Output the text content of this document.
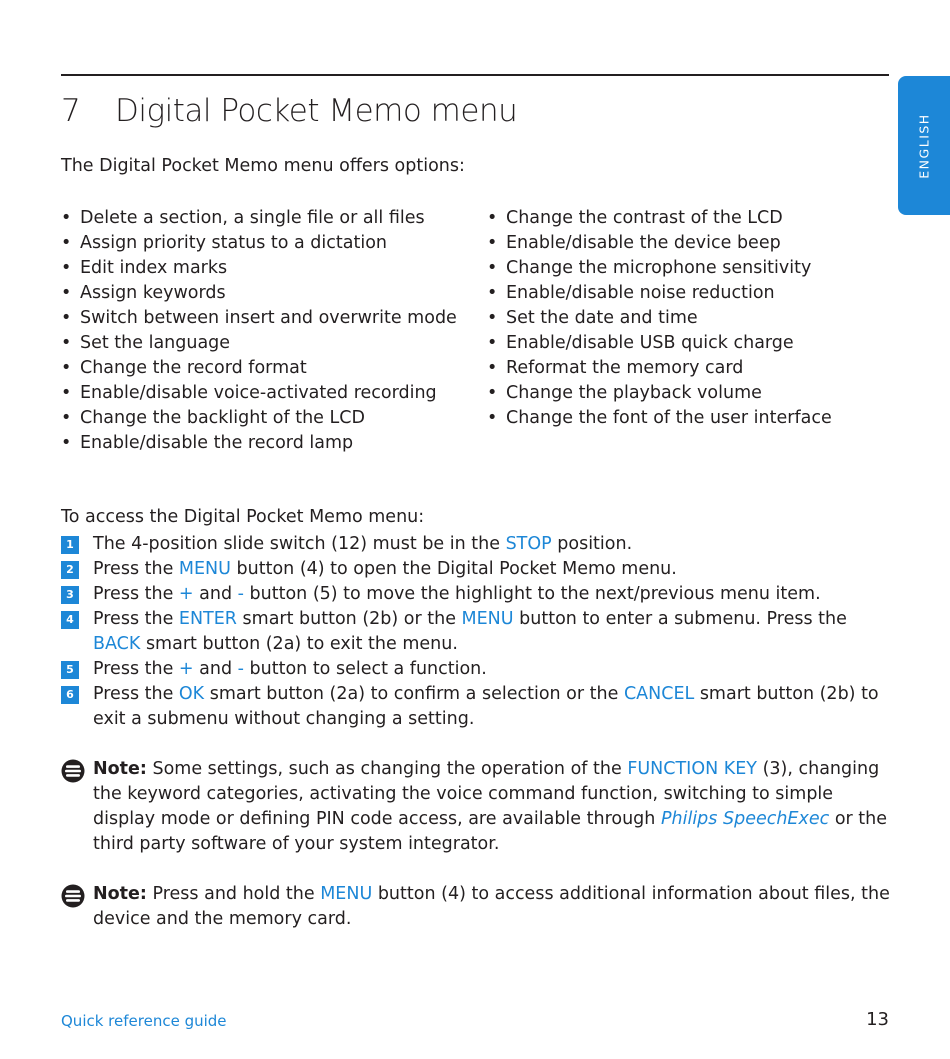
7 Digital Pocket Memo menu
ENGLISH
The Digital Pocket Memo menu offers options:
• Delete a section, a single file or all files
• Assign priority status to a dictation
• Edit index marks
• Assign keywords
• Switch between insert and overwrite mode
• Set the language
• Change the record format
• Enable/disable voice-activated recording
• Change the backlight of the LCD
• Enable/disable the record lamp
• Change the contrast of the LCD
• Enable/disable the device beep
• Change the microphone sensitivity
• Enable/disable noise reduction
• Set the date and time
• Enable/disable USB quick charge
• Reformat the memory card
• Change the playback volume
• Change the font of the user interface
To access the Digital Pocket Memo menu:
1 The 4-position slide switch (12) must be in the STOP position.
2 Press the MENU button (4) to open the Digital Pocket Memo menu.
3 Press the + and - button (5) to move the highlight to the next/previous menu item.
4 Press the ENTER smart button (2b) or the MENU button to enter a submenu. Press the BACK smart button (2a) to exit the menu.
5 Press the + and - button to select a function.
6 Press the OK smart button (2a) to confirm a selection or the CANCEL smart button (2b) to exit a submenu without changing a setting.
Note: Some settings, such as changing the operation of the FUNCTION KEY (3), changing the keyword categories, activating the voice command function, switching to simple display mode or defining PIN code access, are available through Philips SpeechExec or the third party software of your system integrator.
Note: Press and hold the MENU button (4) to access additional information about files, the device and the memory card.
Quick reference guide	13
